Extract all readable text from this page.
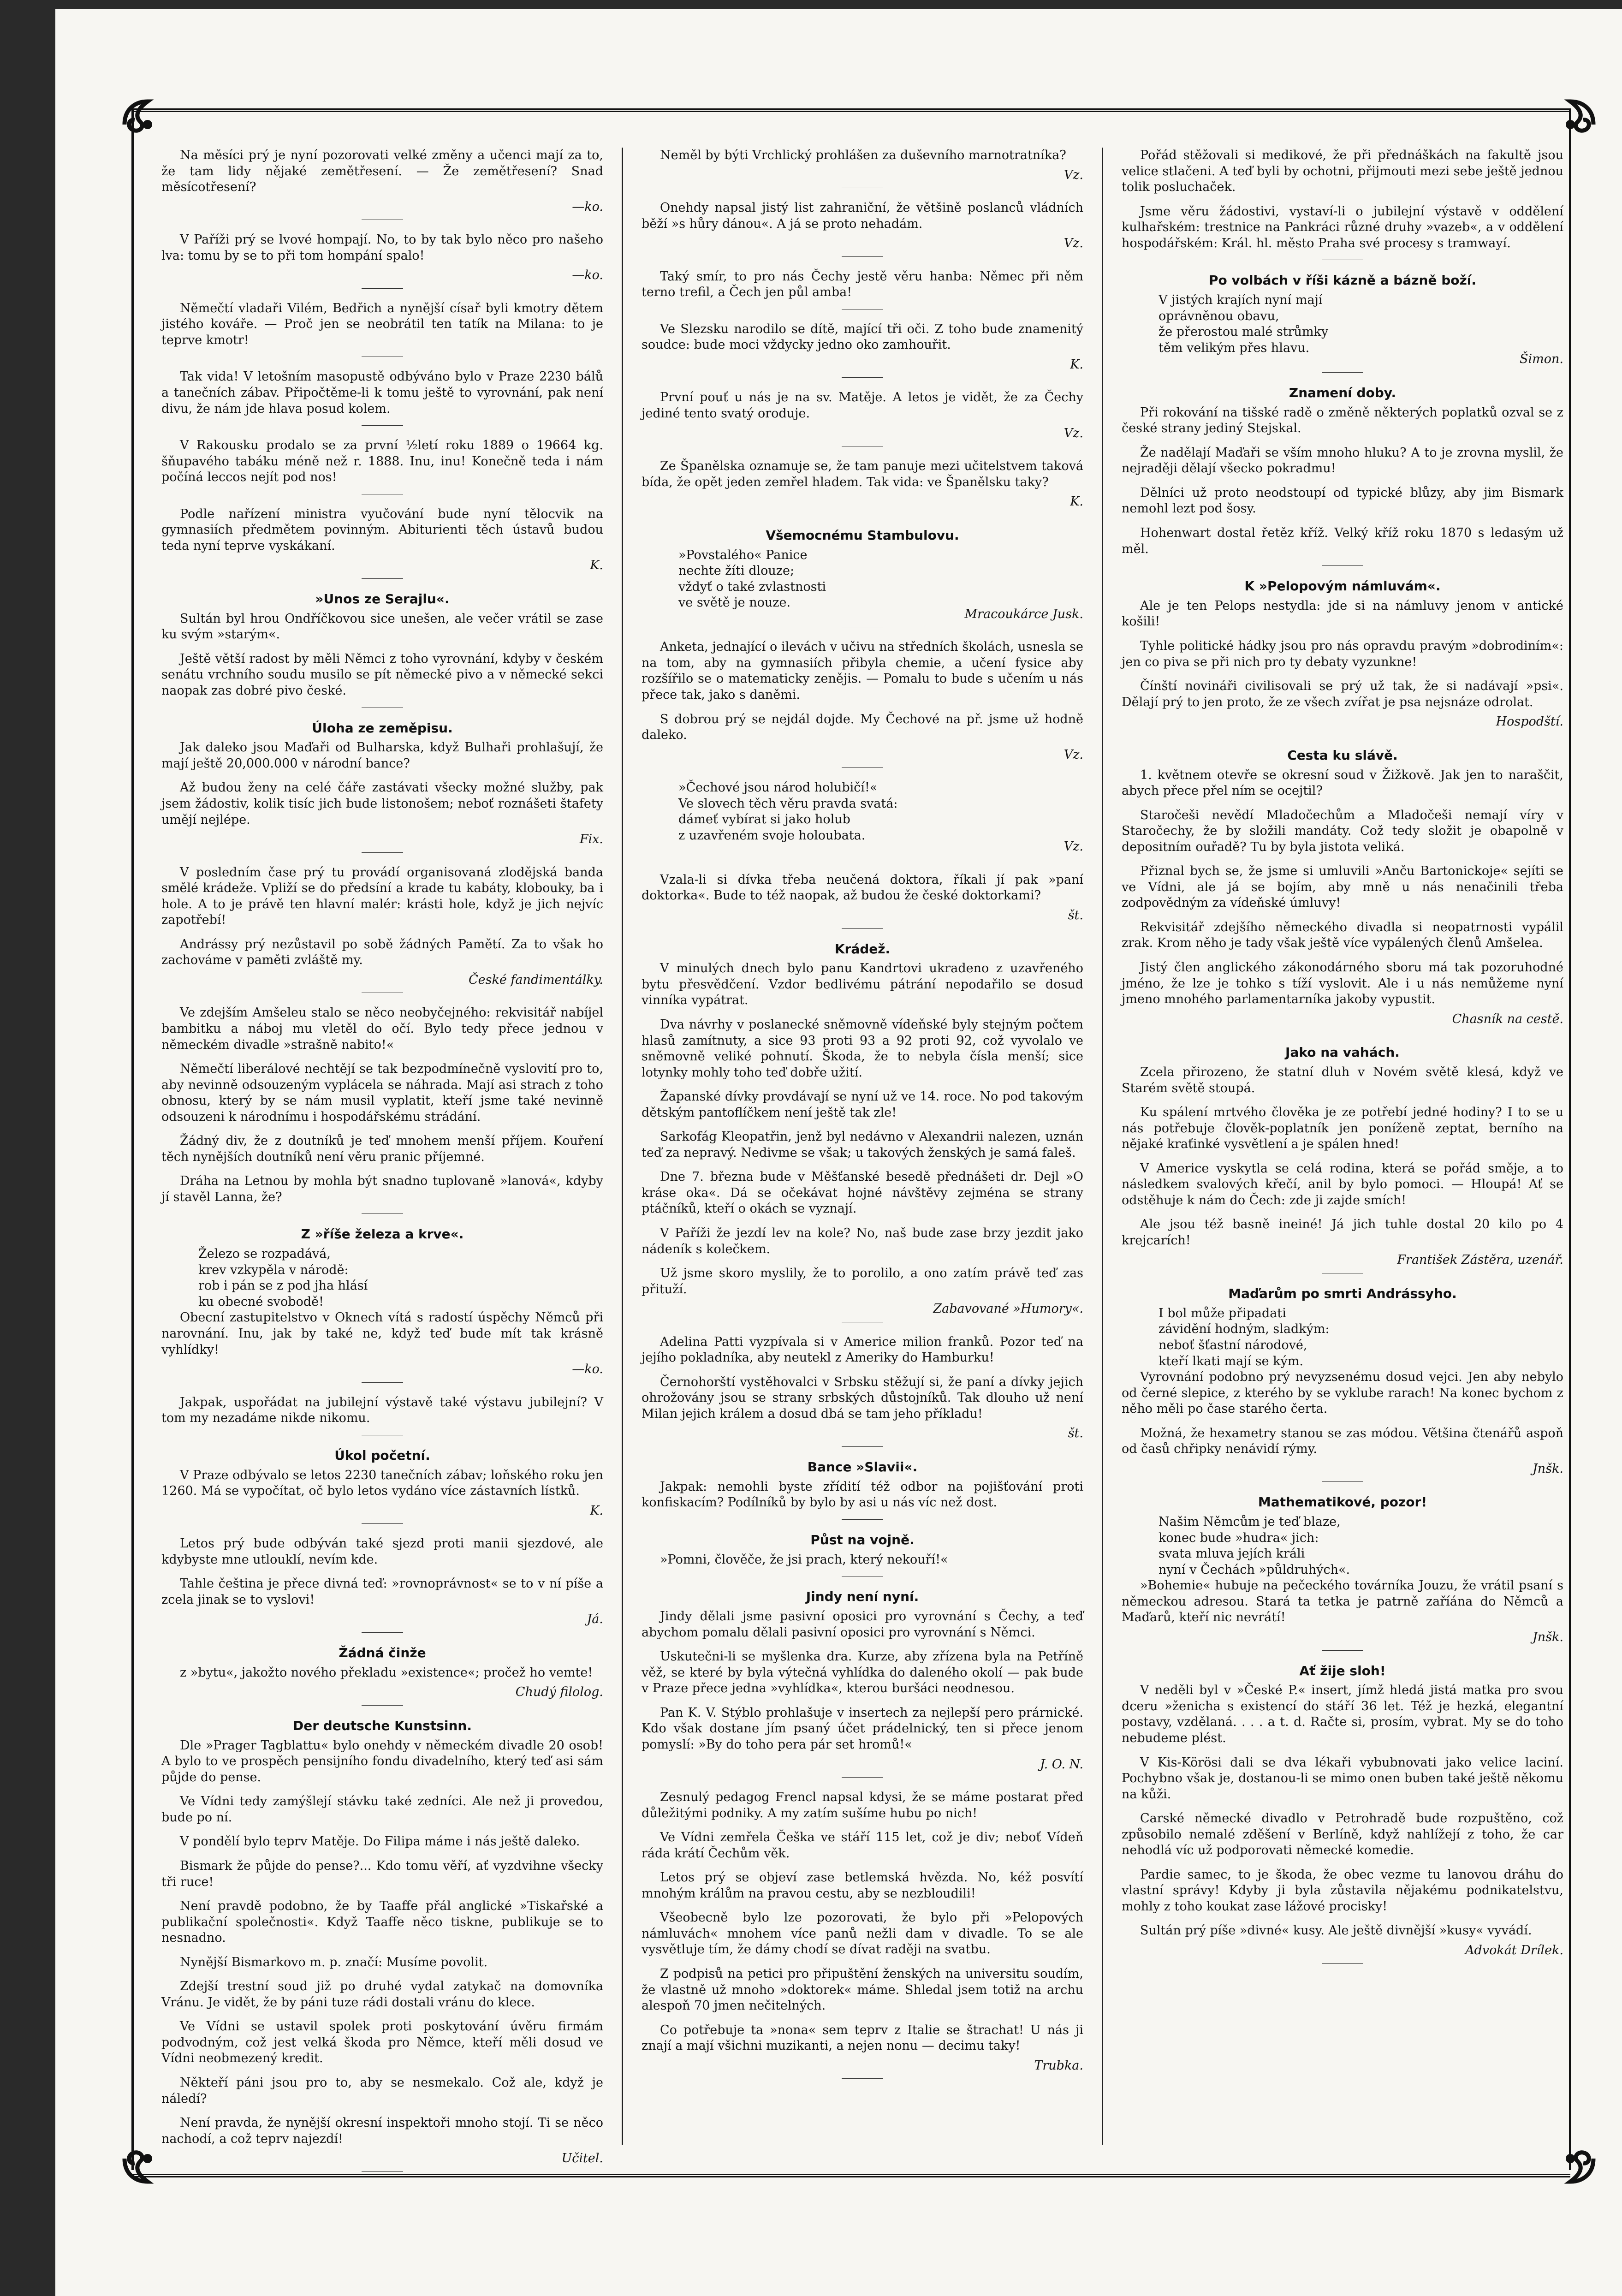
Na měsíci prý je nyní pozorovati velké změny a učenci mají za to, že tam lidy nějaké zemětřesení. — Že zemětřesení? Snad měsícotřesení?

—ko.

V Paříži prý se lvové hompají. No, to by tak bylo něco pro našeho lva: tomu by se to při tom hompání spalo!

—ko.

Němečtí vladaři Vilém, Bedřich a nynější císař byli kmotry dětem jistého kováře. — Proč jen se neobrátil ten tatík na Milana: to je teprve kmotr!

Tak vida! V letošním masopustě odbýváno bylo v Praze 2230 bálů a tanečních zábav. Připočtěme-li k tomu ještě to vyrovnání, pak není divu, že nám jde hlava posud kolem.

V Rakousku prodalo se za první ½letí roku 1889 o 19664 kg. šňupavého tabáku méně než r. 1888. Inu, inu! Konečně teda i nám počíná leccos nejít pod nos!

Podle nařízení ministra vyučování bude nyní tělocvik na gymnasiích předmětem povinným. Abiturienti těch ústavů budou teda nyní teprve vyskákaní.

K.
»Unos ze Serajlu«.

Sultán byl hrou Ondříčkovou sice unešen, ale večer vrátil se zase ku svým »starým«.

Ještě větší radost by měli Němci z toho vyrovnání, kdyby v českém senátu vrchního soudu musilo se pít německé pivo a v německé sekci naopak zas dobré pivo české.

Úloha ze zeměpisu.

Jak daleko jsou Maďaři od Bulharska, když Bulhaři prohlašují, že mají ještě 20,000.000 v národní bance?

Až budou ženy na celé čáře zastávati všecky možné služby, pak jsem žádostiv, kolik tisíc jich bude listonošem; neboť roznášeti štafety umějí nejlépe.

Fix.

V posledním čase prý tu provádí organisovaná zlodějská banda smělé krádeže. Vpliží se do předsíní a krade tu kabáty, klobouky, ba i hole. A to je právě ten hlavní malér: krásti hole, když je jich nejvíc zapotřebí!

Andrássy prý nezůstavil po sobě žádných Pamětí. Za to však ho zachováme v paměti zvláště my.

České fandimentálky.

Ve zdejším Amšeleu stalo se něco neobyčejného: rekvisitář nabíjel bambitku a náboj mu vletěl do očí. Bylo tedy přece jednou v německém divadle »strašně nabito!«

Němečtí liberálové nechtějí se tak bezpodmínečně vyslovití pro to, aby nevinně odsouzeným vyplácela se náhrada. Mají asi strach z toho obnosu, který by se nám musil vyplatit, kteří jsme také nevinně odsouzeni k národnímu i hospodářskému strádání.

Žádný div, že z doutníků je teď mnohem menší příjem. Kouření těch nynějších doutníků není věru pranic příjemné.

Dráha na Letnou by mohla být snadno tuplovaně »lanová«, kdyby jí stavěl Lanna, že?

Z »říše železa a krve«.
Železo se rozpadává,
krev vzkypěla v národě:
rob i pán se z pod jha hlásí
ku obecné svobodě!

Obecní zastupitelstvo v Oknech vítá s radostí úspěchy Němců při narovnání. Inu, jak by také ne, když teď bude mít tak krásně vyhlídky!

—ko.

Jakpak, uspořádat na jubilejní výstavě také výstavu jubilejní? V tom my nezadáme nikde nikomu.

Úkol početní.

V Praze odbývalo se letos 2230 tanečních zábav; loňského roku jen 1260. Má se vypočítat, oč bylo letos vydáno více zástavních lístků.

K.

Letos prý bude odbýván také sjezd proti manii sjezdové, ale kdybyste mne utlouklí, nevím kde.

Tahle čeština je přece divná teď: »rovnoprávnost« se to v ní píše a zcela jinak se to vyslovi!

Já.
Žádná činže

z »bytu«, jakožto nového překladu »existence«; pročež ho vemte!

Chudý filolog.
Der deutsche Kunstsinn.

Dle »Prager Tagblattu« bylo onehdy v německém divadle 20 osob! A bylo to ve prospěch pensijního fondu divadelního, který teď asi sám půjde do pense.

Ve Vídni tedy zamýšlejí stávku také zedníci. Ale než ji provedou, bude po ní.

V pondělí bylo teprv Matěje. Do Filipa máme i nás ještě daleko.

Bismark že půjde do pense?... Kdo tomu věří, ať vyzdvihne všecky tři ruce!

Není pravdě podobno, že by Taaffe přál anglické »Tiskařské a publikační společnosti«. Když Taaffe něco tiskne, publikuje se to nesnadno.

Nynější Bismarkovo m. p. značí: Musíme povolit.

Zdejší trestní soud již po druhé vydal zatykač na domovníka Vránu. Je vidět, že by páni tuze rádi dostali vránu do klece.

Ve Vídni se ustavil spolek proti poskytování úvěru firmám podvodným, což jest velká škoda pro Němce, kteří měli dosud ve Vídni neobmezený kredit.

Někteří páni jsou pro to, aby se nesmekalo. Což ale, když je náledí?

Není pravda, že nynější okresní inspektoři mnoho stojí. Ti se něco nachodí, a což teprv najezdí!

Učitel.

Neměl by býti Vrchlický prohlášen za duševního marnotratníka?

Vz.

Onehdy napsal jistý list zahraniční, že většině poslanců vládních běží »s hůry dánou«. A já se proto nehadám.

Vz.

Taký smír, to pro nás Čechy jestě věru hanba: Němec při něm terno trefil, a Čech jen půl amba!

Ve Slezsku narodilo se dítě, mající tři oči. Z toho bude znamenitý soudce: bude moci vždycky jedno oko zamhouřit.

K.

První pouť u nás je na sv. Matěje. A letos je vidět, že za Čechy jediné tento svatý oroduje.

Vz.

Ze Španělska oznamuje se, že tam panuje mezi učitelstvem taková bída, že opět jeden zemřel hladem. Tak vida: ve Španělsku taky?

K.
Všemocnému Stambulovu.
»Povstalého« Panice
nechte žíti dlouze;
vždyť o také zvlastnosti
ve světě je nouze.
Mracoukárce Jusk.

Anketa, jednající o ilevách v učivu na středních školách, usnesla se na tom, aby na gymnasiích přibyla chemie, a učení fysice aby rozšířilo se o matematicky zenějis. — Pomalu to bude s učením u nás přece tak, jako s daněmi.

S dobrou prý se nejdál dojde. My Čechové na př. jsme už hodně daleko.

Vz.
»Čechové jsou národ holubičí!«
Ve slovech těch věru pravda svatá:
dámeť vybírat si jako holub
z uzavřeném svoje holoubata.
Vz.

Vzala-li si dívka třeba neučená doktora, říkali jí pak »paní doktorka«. Bude to též naopak, až budou že české doktorkami?

št.
Krádež.

V minulých dnech bylo panu Kandrtovi ukradeno z uzavřeného bytu přesvědčení. Vzdor bedlivému pátrání nepodařilo se dosud vinníka vypátrat.

Dva návrhy v poslanecké sněmovně vídeňské byly stejným počtem hlasů zamítnuty, a sice 93 proti 93 a 92 proti 92, což vyvolalo ve sněmovně veliké pohnutí. Škoda, že to nebyla čísla menší; sice lotynky mohly toho teď dobře užití.

Žapanské dívky provdávají se nyní už ve 14. roce. No pod takovým dětským pantoflíčkem není ještě tak zle!

Sarkofág Kleopatřin, jenž byl nedávno v Alexandrii nalezen, uznán teď za nepravý. Nedivme se však; u takových ženských je samá faleš.

Dne 7. března bude v Měšťanské besedě přednášeti dr. Dejl »O kráse oka«. Dá se očekávat hojné návštěvy zejména se strany ptáčníků, kteří o okách se vyznají.

V Paříži že jezdí lev na kole? No, naš bude zase brzy jezdit jako nádeník s kolečkem.

Už jsme skoro myslily, že to porolilo, a ono zatím právě teď zas přituží.

Zabavované »Humory«.

Adelina Patti vyzpívala si v Americe milion franků. Pozor teď na jejího pokladníka, aby neutekl z Ameriky do Hamburku!

Černohorští vystěhovalci v Srbsku stěžují si, že paní a dívky jejich ohrožovány jsou se strany srbských důstojníků. Tak dlouho už není Milan jejich králem a dosud dbá se tam jeho příkladu!

št.
Bance »Slavii«.

Jakpak: nemohli byste zřídití též odbor na pojišťování proti konfiskacím? Podílníků by bylo by asi u nás víc než dost.

Půst na vojně.

»Pomni, člověče, že jsi prach, který nekouří!«

Jindy není nyní.

Jindy dělali jsme pasivní oposici pro vyrovnání s Čechy, a teď abychom pomalu dělali pasivní oposici pro vyrovnání s Němci.

Uskutečni-li se myšlenka dra. Kurze, aby zřízena byla na Petříně věž, se které by byla výtečná vyhlídka do daleného okolí — pak bude v Praze přece jedna »vyhlídka«, kterou buršáci neodnesou.

Pan K. V. Stýblo prohlašuje v insertech za nejlepší pero prárnické. Kdo však dostane jím psaný účet prádelnický, ten si přece jenom pomyslí: »By do toho pera pár set hromů!«

J. O. N.

Zesnulý pedagog Frencl napsal kdysi, že se máme postarat před důležitými podniky. A my zatím sušíme hubu po nich!

Ve Vídni zemřela Češka ve stáří 115 let, což je div; neboť Vídeň ráda krátí Čechům věk.

Letos prý se objeví zase betlemská hvězda. No, kéž posvítí mnohým králům na pravou cestu, aby se nezbloudili!

Všeobecně bylo lze pozorovati, že bylo při »Pelopových námluvách« mnohem více panů nežli dam v divadle. To se ale vysvětluje tím, že dámy chodí se dívat raději na svatbu.

Z podpisů na petici pro připuštění ženských na universitu soudím, že vlastně už mnoho »doktorek« máme. Shledal jsem totiž na archu alespoň 70 jmen nečitelných.

Co potřebuje ta »nona« sem teprv z Italie se štrachat! U nás ji znají a mají všichni muzikanti, a nejen nonu — decimu taky!

Trubka.

Pořád stěžovali si medikové, že při přednáškách na fakultě jsou velice stlačeni. A teď byli by ochotni, přijmouti mezi sebe ještě jednou tolik posluchaček.

Jsme věru žádostivi, vystaví-li o jubilejní výstavě v oddělení kulhařském: trestnice na Pankráci různé druhy »vazeb«, a v oddělení hospodářském: Král. hl. město Praha své procesy s tramwayí.

Po volbách v říši kázně a bázně boží.
V jistých krajích nyní mají
oprávněnou obavu,
že přerostou malé strůmky
těm velikým přes hlavu.
Šimon.
Znamení doby.

Při rokování na tišské radě o změně některých poplatků ozval se z české strany jediný Stejskal.

Že nadělají Maďaři se vším mnoho hluku? A to je zrovna myslil, že nejraději dělají všecko pokradmu!

Dělníci už proto neodstoupí od typické blůzy, aby jim Bismark nemohl lezt pod šosy.

Hohenwart dostal řetěz kříž. Velký kříž roku 1870 s ledasým už měl.

K »Pelopovým námluvám«.

Ale je ten Pelops nestydla: jde si na námluvy jenom v antické košili!

Tyhle politické hádky jsou pro nás opravdu pravým »dobrodiním«: jen co piva se při nich pro ty debaty vyzunkne!

Čínští novináři civilisovali se prý už tak, že si nadávají »psi«. Dělají prý to jen proto, že ze všech zvířat je psa nejsnáze odrolat.

Hospodští.
Cesta ku slávě.

1. květnem otevře se okresní soud v Žižkově. Jak jen to naraščit, abych přece přel ním se ocejtil?

Staročeši nevědí Mladočechům a Mladočeši nemají víry v Staročechy, že by složili mandáty. Což tedy složit je obapolně v depositním ouřadě? Tu by byla jistota veliká.

Přiznal bych se, že jsme si umluvili »Anču Bartonickoje« sejíti se ve Vídni, ale já se bojím, aby mně u nás nenačinili třeba zodpovědným za vídeňské úmluvy!

Rekvisitář zdejšího německého divadla si neopatrnosti vypálil zrak. Krom něho je tady však ještě více vypálených členů Amšelea.

Jistý člen anglického zákonodárného sboru má tak pozoruhodné jméno, že lze je tohko s tíží vyslovit. Ale i u nás nemůžeme nyní jmeno mnohého parlamentarníka jakoby vypustit.

Chasník na cestě.
Jako na vahách.

Zcela přirozeno, že statní dluh v Novém světě klesá, když ve Starém světě stoupá.

Ku spálení mrtvého člověka je ze potřebí jedné hodiny? I to se u nás potřebuje člověk-poplatník jen poníženě zeptat, berního na nějaké kraťinké vysvětlení a je spálen hned!

V Americe vyskytla se celá rodina, která se pořád směje, a to následkem svalových křečí, anil by bylo pomoci. — Hloupá! Ať se odstěhuje k nám do Čech: zde ji zajde smích!

Ale jsou též basně ineiné! Já jich tuhle dostal 20 kilo po 4 krejcarích!

František Zástěra, uzenář.
Maďarům po smrti Andrássyho.
I bol může připadati
závidění hodným, sladkým:
neboť šťastní národové,
kteří lkati mají se kým.

Vyrovnání podobno prý nevyzsenému dosud vejci. Jen aby nebylo od černé slepice, z kterého by se vyklube rarach! Na konec bychom z něho měli po čase starého čerta.

Možná, že hexametry stanou se zas módou. Většina čtenářů aspoň od časů chřipky nenávidí rýmy.

Jnšk.
Mathematikové, pozor!
Našim Němcům je teď blaze,
konec bude »hudra« jich:
svata mluva jejích králi
nyní v Čechách »půldruhých«.

»Bohemie« hubuje na pečeckého továrníka Jouzu, že vrátil psaní s německou adresou. Stará ta tetka je patrně zaříána do Němců a Maďarů, kteří nic nevrátí!

Jnšk.
Ať žije sloh!

V neděli byl v »České P.« insert, jímž hledá jistá matka pro svou dceru »ženicha s existencí do stáří 36 let. Též je hezká, elegantní postavy, vzdělaná. . . . a t. d. Račte si, prosím, vybrat. My se do toho nebudeme plést.

V Kis-Körösi dali se dva lékaři vybubnovati jako velice laciní. Pochybno však je, dostanou-li se mimo onen buben také ještě někomu na kůži.

Carské německé divadlo v Petrohradě bude rozpuštěno, což způsobilo nemalé zděšení v Berlíně, když nahlížejí z toho, že car nehodlá víc už podporovati německé komedie.

Pardie samec, to je škoda, že obec vezme tu lanovou dráhu do vlastní správy! Kdyby ji byla zůstavila nějakému podnikatelstvu, mohly z toho koukat zase lážové procisky!

Sultán prý píše »divné« kusy. Ale ještě divnější »kusy« vyvádí.

Advokát Drílek.
